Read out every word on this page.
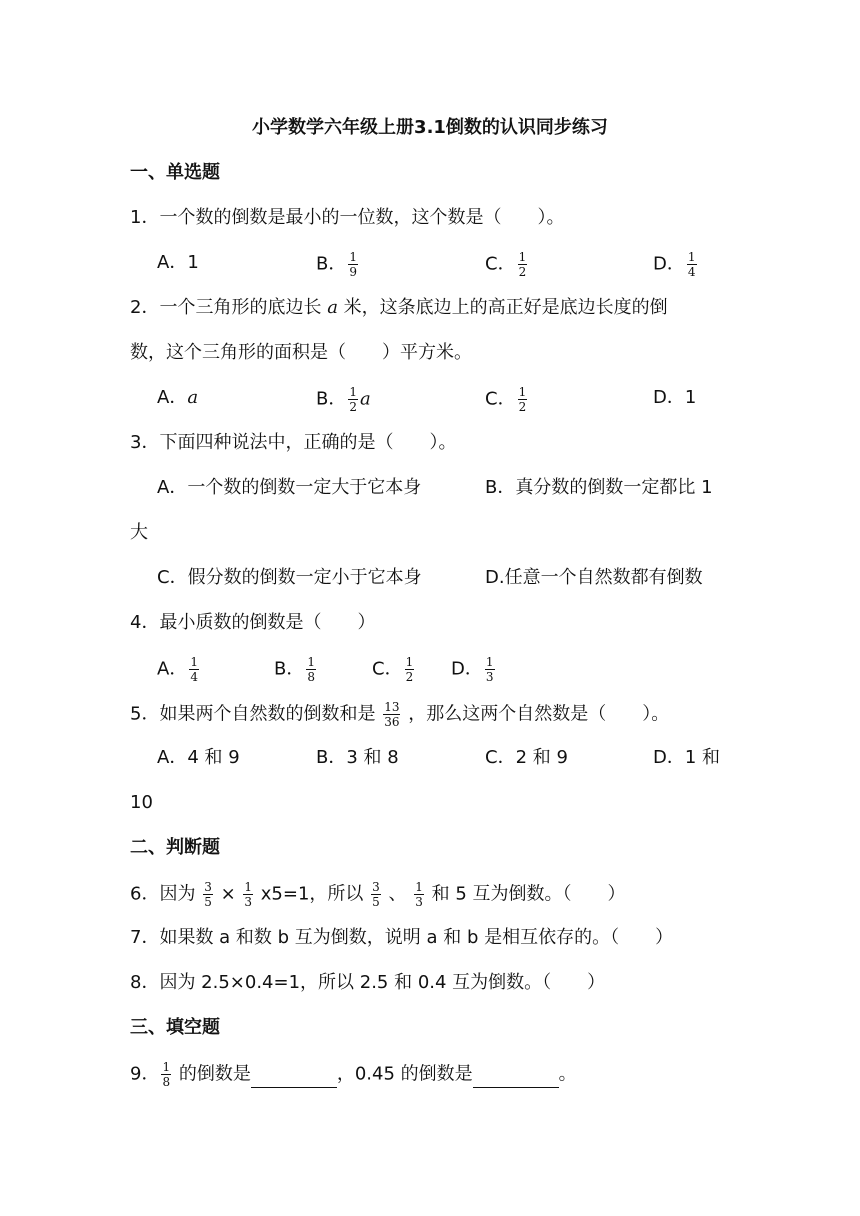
小学数学六年级上册3.1倒数的认识同步练习
一、单选题
1．一个数的倒数是最小的一位数，这个数是（　　）。
A．1	B． $\frac{1}{9}$	C． $\frac{1}{2}$	D． $\frac{1}{4}$
2．一个三角形的底边长 a 米，这条底边上的高正好是底边长度的倒
数，这个三角形的面积是（　　）平方米。
A．a	B． $\frac{1}{2}$ a	C． $\frac{1}{2}$	D．1
3．下面四种说法中，正确的是（　　）。
A．一个数的倒数一定大于它本身	B．真分数的倒数一定都比 1
大
C．假分数的倒数一定小于它本身	D.任意一个自然数都有倒数
4．最小质数的倒数是（　　）
A． $\frac{1}{4}$	B． $\frac{1}{8}$	C． $\frac{1}{2}$ D． $\frac{1}{3}$
5．如果两个自然数的倒数和是 $\frac{13}{36}$ ，那么这两个自然数是（　　）。
A．4 和 9	B．3 和 8	C．2 和 9	D．1 和
10
二、判断题
6．因为 $\frac{3}{5} \times \frac{1}{3} x5=1$，所以 $\frac{3}{5}$ 、 $\frac{1}{3}$ 和 5 互为倒数。（　　）
7．如果数 a 和数 b 互为倒数，说明 a 和 b 是相互依存的。（　　）
8．因为 2.5×0.4=1，所以 2.5 和 0.4 互为倒数。（　　）
三、填空题
9． $\frac{1}{8}$ 的倒数是	，0.45 的倒数是	。
